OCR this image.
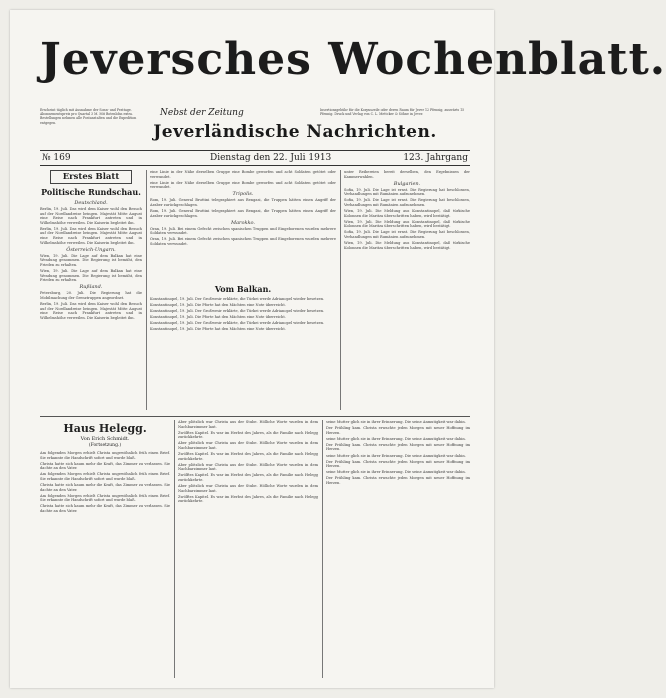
Jeversches Wochenblatt.
Erscheint täglich mit Ausnahme der Sonn- und Festtage. Abonnementspreis pro Quartal 3 M. Mit Botenlohn extra. Bestellungen nehmen alle Postanstalten und die Expedition entgegen.
Nebst der Zeitung	Insertionsgebühr für die Korpuszeile oder deren Raum für Jever 12 Pfennig, auswärts 15 Pfennig. Druck und Verlag von C. L. Mettcker & Söhne in Jever.
Jeverländische Nachrichten.
№ 169	Dienstag den 22. Juli 1913	123. Jahrgang
Erstes Blatt
Politische Rundschau.
Deutschland.

Berlin, 19. Juli. Das wird dem Kaiser wohl den Besuch auf der Nordlandreise bringen. Majestät Mitte August eine Reise nach Frankfurt antreten und in Wilhelmshöhe verweilen. Die Kaiserin begleitet ihn.

Berlin, 19. Juli. Das wird dem Kaiser wohl den Besuch auf der Nordlandreise bringen. Majestät Mitte August eine Reise nach Frankfurt antreten und in Wilhelmshöhe verweilen. Die Kaiserin begleitet ihn.

Österreich-Ungarn.

Wien, 19. Juli. Die Lage auf dem Balkan hat eine Wendung genommen. Die Regierung ist bemüht, den Frieden zu erhalten.

Wien, 19. Juli. Die Lage auf dem Balkan hat eine Wendung genommen. Die Regierung ist bemüht, den Frieden zu erhalten.

Rußland.

Petersburg, 20. Juli. Die Regierung hat die Mobilmachung der Grenztruppen angeordnet.

Berlin, 19. Juli. Das wird dem Kaiser wohl den Besuch auf der Nordlandreise bringen. Majestät Mitte August eine Reise nach Frankfurt antreten und in Wilhelmshöhe verweilen. Die Kaiserin begleitet ihn.

eine Linie in der Nähe derselben Gruppe eine Bombe geworfen und acht Soldaten getötet oder verwundet.

eine Linie in der Nähe derselben Gruppe eine Bombe geworfen und acht Soldaten getötet oder verwundet.

Tripolis.

Rom, 19. Juli. General Bruttini telegraphiert aus Bengasi, die Truppen hätten einen Angriff der Araber zurückgeschlagen.

Rom, 19. Juli. General Bruttini telegraphiert aus Bengasi, die Truppen hätten einen Angriff der Araber zurückgeschlagen.

Marokko.

Oran, 19. Juli. Bei einem Gefecht zwischen spanischen Truppen und Eingeborenen wurden mehrere Soldaten verwundet.

Oran, 19. Juli. Bei einem Gefecht zwischen spanischen Truppen und Eingeborenen wurden mehrere Soldaten verwundet.

Vom Balkan.

Konstantinopel, 19. Juli. Der Großwesir erklärte, die Türkei werde Adrianopel wieder besetzen.

Konstantinopel, 19. Juli. Die Pforte hat den Mächten eine Note überreicht.

Konstantinopel, 19. Juli. Der Großwesir erklärte, die Türkei werde Adrianopel wieder besetzen.

Konstantinopel, 19. Juli. Die Pforte hat den Mächten eine Note überreicht.

Konstantinopel, 19. Juli. Der Großwesir erklärte, die Türkei werde Adrianopel wieder besetzen.

Konstantinopel, 19. Juli. Die Pforte hat den Mächten eine Note überreicht.

unter Reibereien bereit derselben, den Ergebnissen der Kammerwahlen.

Bulgarien.

Sofia, 19. Juli. Die Lage ist ernst. Die Regierung hat beschlossen, Verhandlungen mit Rumänien aufzunehmen.

Sofia, 19. Juli. Die Lage ist ernst. Die Regierung hat beschlossen, Verhandlungen mit Rumänien aufzunehmen.

Wien, 19. Juli. Die Meldung aus Konstantinopel, daß türkische Kolonnen die Maritza überschritten haben, wird bestätigt.

Wien, 19. Juli. Die Meldung aus Konstantinopel, daß türkische Kolonnen die Maritza überschritten haben, wird bestätigt.

Sofia, 19. Juli. Die Lage ist ernst. Die Regierung hat beschlossen, Verhandlungen mit Rumänien aufzunehmen.

Wien, 19. Juli. Die Meldung aus Konstantinopel, daß türkische Kolonnen die Maritza überschritten haben, wird bestätigt.

Haus Helegg.
Von Erich Schmidt.
(Fortsetzung.)

Am folgenden Morgen erhielt Christa ungewöhnlich früh einen Brief. Sie erkannte die Handschrift sofort und wurde blaß.

Christa hatte sich kaum mehr die Kraft, das Zimmer zu verlassen. Sie dachte an den Vater.

Am folgenden Morgen erhielt Christa ungewöhnlich früh einen Brief. Sie erkannte die Handschrift sofort und wurde blaß.

Christa hatte sich kaum mehr die Kraft, das Zimmer zu verlassen. Sie dachte an den Vater.

Am folgenden Morgen erhielt Christa ungewöhnlich früh einen Brief. Sie erkannte die Handschrift sofort und wurde blaß.

Christa hatte sich kaum mehr die Kraft, das Zimmer zu verlassen. Sie dachte an den Vater.

Aber plötzlich war Christa aus der Stube. Hölliche Worte wurden in dem Nachbarzimmer laut.

Zwölftes Kapitel. Es war im Herbst des Jahres, als die Familie nach Helegg zurückkehrte.

Aber plötzlich war Christa aus der Stube. Hölliche Worte wurden in dem Nachbarzimmer laut.

Zwölftes Kapitel. Es war im Herbst des Jahres, als die Familie nach Helegg zurückkehrte.

Aber plötzlich war Christa aus der Stube. Hölliche Worte wurden in dem Nachbarzimmer laut.

Zwölftes Kapitel. Es war im Herbst des Jahres, als die Familie nach Helegg zurückkehrte.

Aber plötzlich war Christa aus der Stube. Hölliche Worte wurden in dem Nachbarzimmer laut.

Zwölftes Kapitel. Es war im Herbst des Jahres, als die Familie nach Helegg zurückkehrte.

seine Mutter glich sie in ihrer Erinnerung. Die seine Anmutigkeit war dahin.

Der Frühling kam. Christa erwachte jeden Morgen mit neuer Hoffnung im Herzen.

seine Mutter glich sie in ihrer Erinnerung. Die seine Anmutigkeit war dahin.

Der Frühling kam. Christa erwachte jeden Morgen mit neuer Hoffnung im Herzen.

seine Mutter glich sie in ihrer Erinnerung. Die seine Anmutigkeit war dahin.

Der Frühling kam. Christa erwachte jeden Morgen mit neuer Hoffnung im Herzen.

seine Mutter glich sie in ihrer Erinnerung. Die seine Anmutigkeit war dahin.

Der Frühling kam. Christa erwachte jeden Morgen mit neuer Hoffnung im Herzen.
